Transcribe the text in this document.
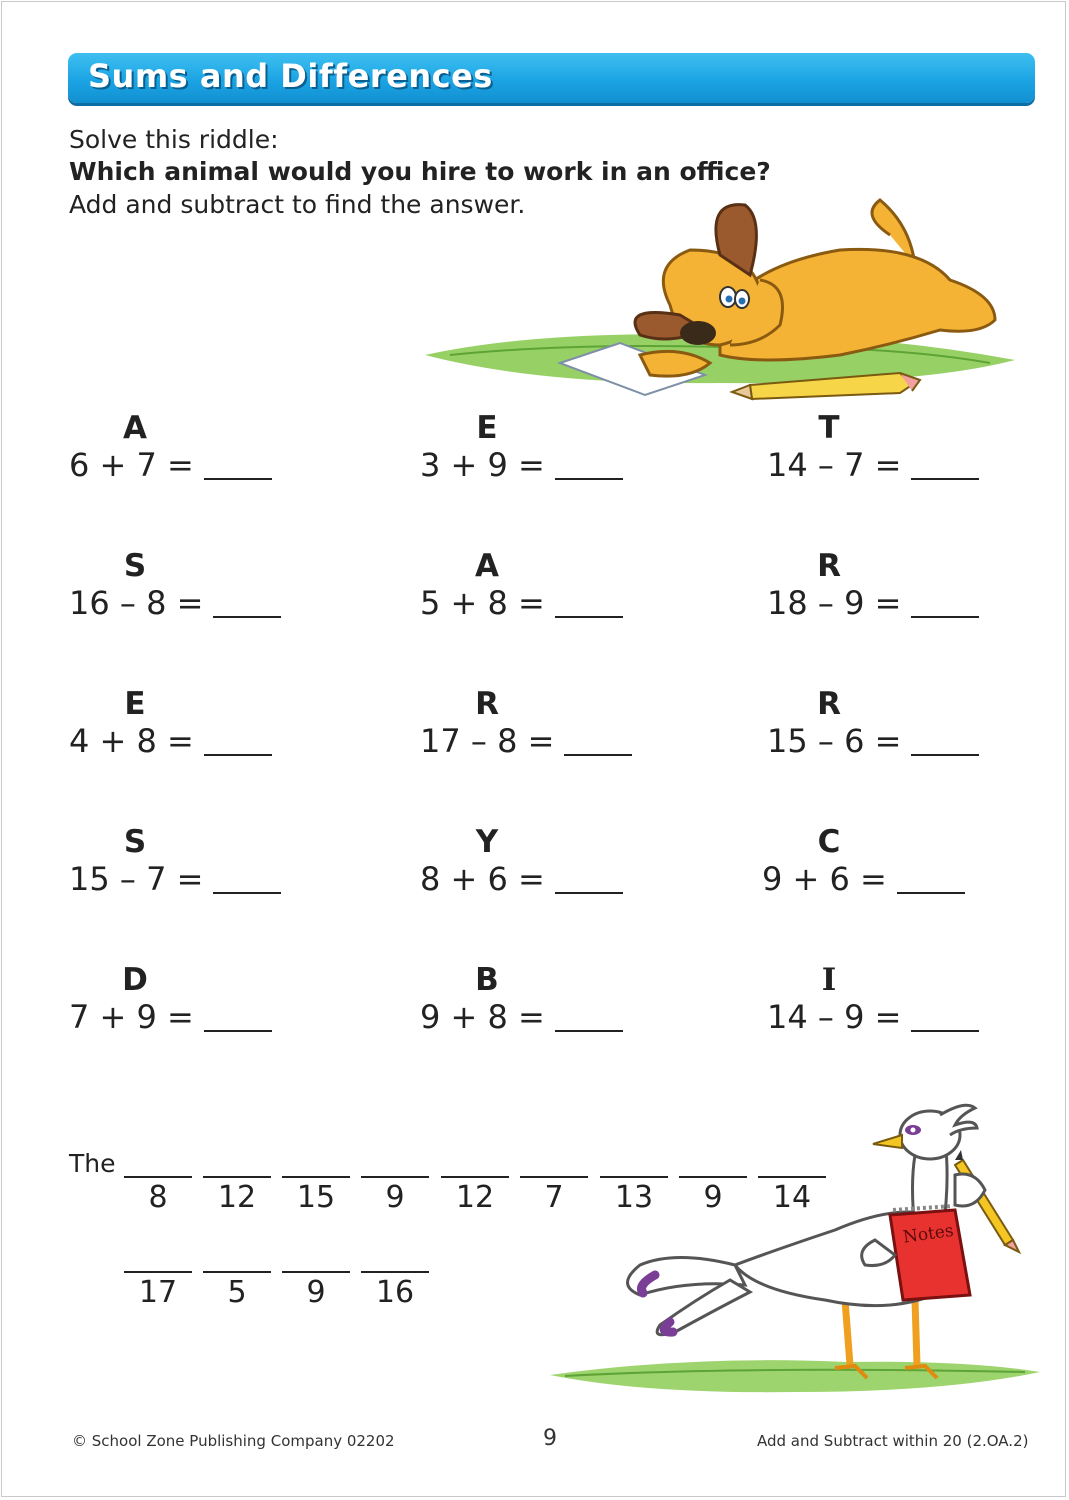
Sums and Differences
Solve this riddle:
Which animal would you hire to work in an office?
Add and subtract to find the answer.
A
6 + 7 =
E
3 + 9 =
T
14 – 7 =
S
16 – 8 =
A
5 + 8 =
R
18 – 9 =
E
4 + 8 =
R
17 – 8 =
R
15 – 6 =
S
15 – 7 =
Y
8 + 6 =
C
9 + 6 =
D
7 + 9 =
B
9 + 8 =
I
14 – 9 =
The
8	12	15	9	12	7	13	9	14
17	5	9	16
Notes
© School Zone Publishing Company 02202	9	Add and Subtract within 20 (2.OA.2)
